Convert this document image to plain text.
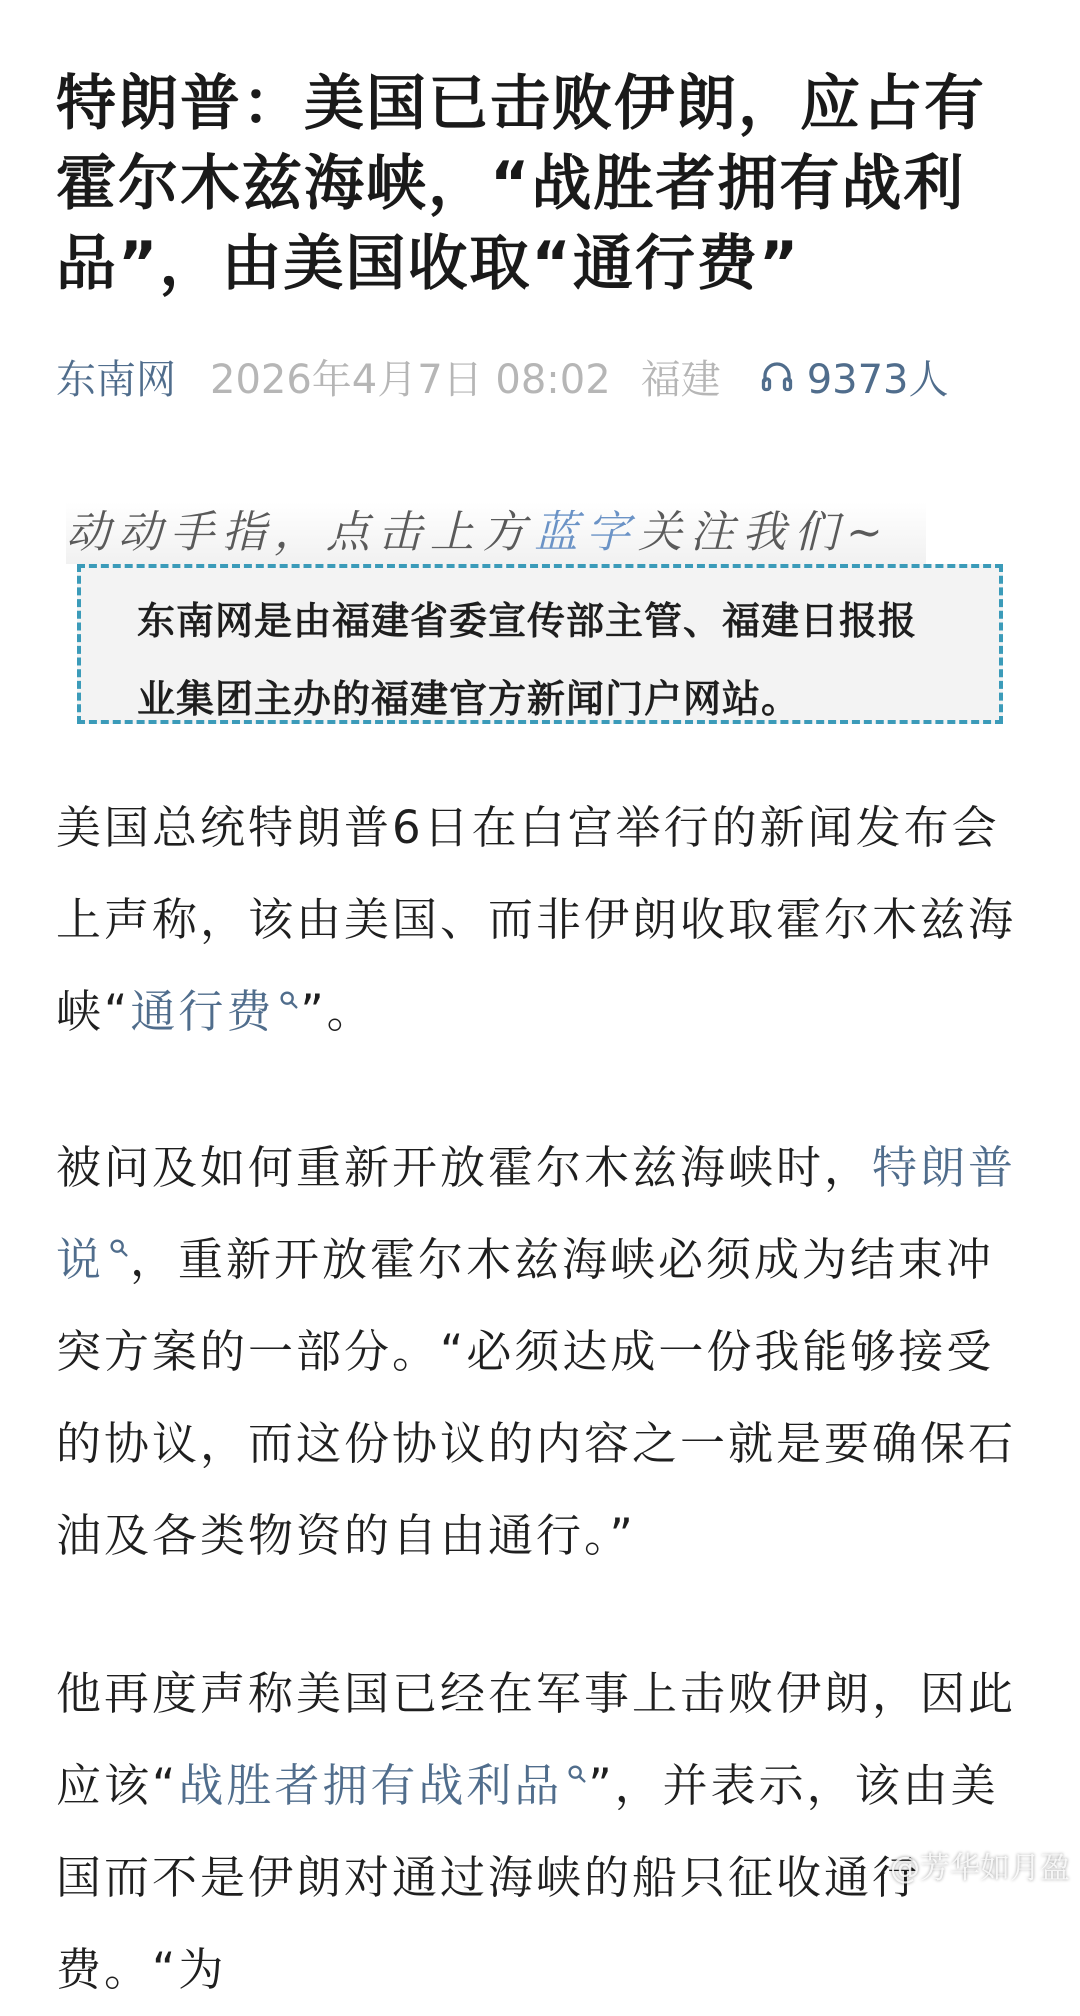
特朗普：美国已击败伊朗，应占有霍尔木兹海峡，“战胜者拥有战利品”，由美国收取“通行费”
东南网 2026年4月7日 08:02 福建 9373人
动动手指，点击上方蓝字关注我们~
东南网是由福建省委宣传部主管、福建日报报业集团主办的福建官方新闻门户网站。

美国总统特朗普6日在白宫举行的新闻发布会上声称，该由美国、而非伊朗收取霍尔木兹海峡“通行费 ”。

被问及如何重新开放霍尔木兹海峡时，特朗普说 ，重新开放霍尔木兹海峡必须成为结束冲突方案的一部分。“必须达成一份我能够接受的协议，而这份协议的内容之一就是要确保石油及各类物资的自由通行。”

他再度声称美国已经在军事上击败伊朗，因此应该“战胜者拥有战利品 ”，并表示，该由美国而不是伊朗对通过海峡的船只征收通行费。“为

@芳华如月盈
